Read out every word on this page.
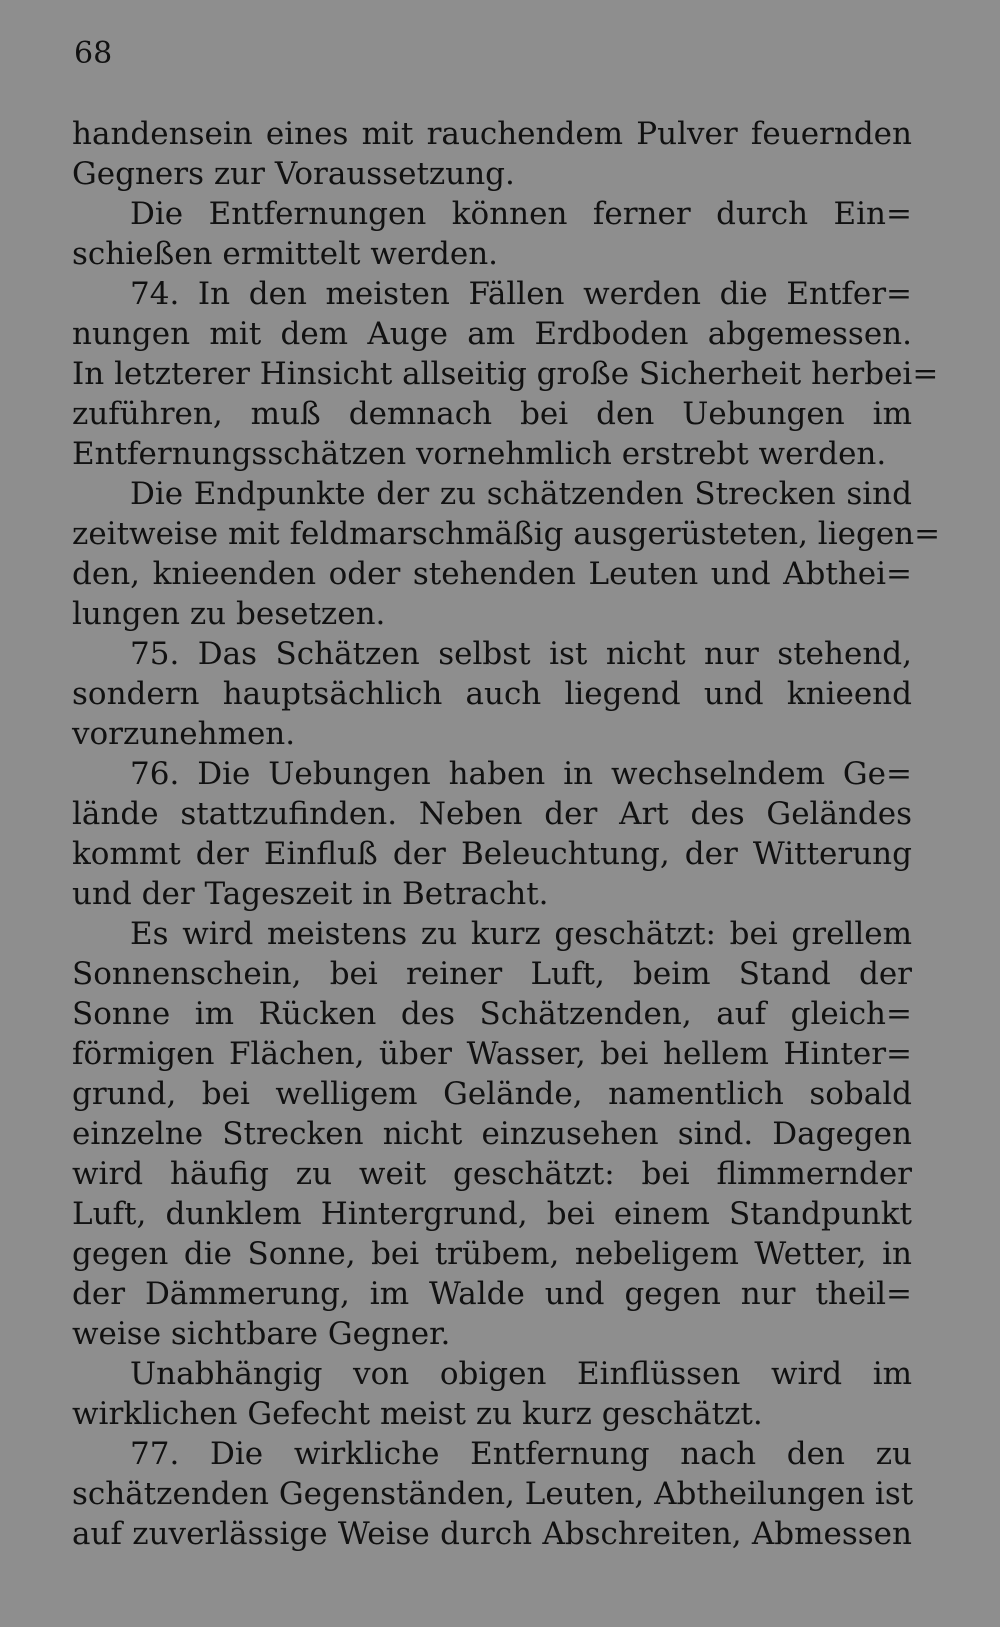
68
handensein eines mit rauchendem Pulver feuernden
Gegners zur Voraussetzung.
Die Entfernungen können ferner durch Ein=
schießen ermittelt werden.
74. In den meisten Fällen werden die Entfer=
nungen mit dem Auge am Erdboden abgemessen.
In letzterer Hinsicht allseitig große Sicherheit herbei=
zuführen, muß demnach bei den Uebungen im
Entfernungsschätzen vornehmlich erstrebt werden.
Die Endpunkte der zu schätzenden Strecken sind
zeitweise mit feldmarschmäßig ausgerüsteten, liegen=
den, knieenden oder stehenden Leuten und Abthei=
lungen zu besetzen.
75. Das Schätzen selbst ist nicht nur stehend,
sondern hauptsächlich auch liegend und knieend
vorzunehmen.
76. Die Uebungen haben in wechselndem Ge=
lände stattzufinden. Neben der Art des Geländes
kommt der Einfluß der Beleuchtung, der Witterung
und der Tageszeit in Betracht.
Es wird meistens zu kurz geschätzt: bei grellem
Sonnenschein, bei reiner Luft, beim Stand der
Sonne im Rücken des Schätzenden, auf gleich=
förmigen Flächen, über Wasser, bei hellem Hinter=
grund, bei welligem Gelände, namentlich sobald
einzelne Strecken nicht einzusehen sind. Dagegen
wird häufig zu weit geschätzt: bei flimmernder
Luft, dunklem Hintergrund, bei einem Standpunkt
gegen die Sonne, bei trübem, nebeligem Wetter, in
der Dämmerung, im Walde und gegen nur theil=
weise sichtbare Gegner.
Unabhängig von obigen Einflüssen wird im
wirklichen Gefecht meist zu kurz geschätzt.
77. Die wirkliche Entfernung nach den zu
schätzenden Gegenständen, Leuten, Abtheilungen ist
auf zuverlässige Weise durch Abschreiten, Abmessen
